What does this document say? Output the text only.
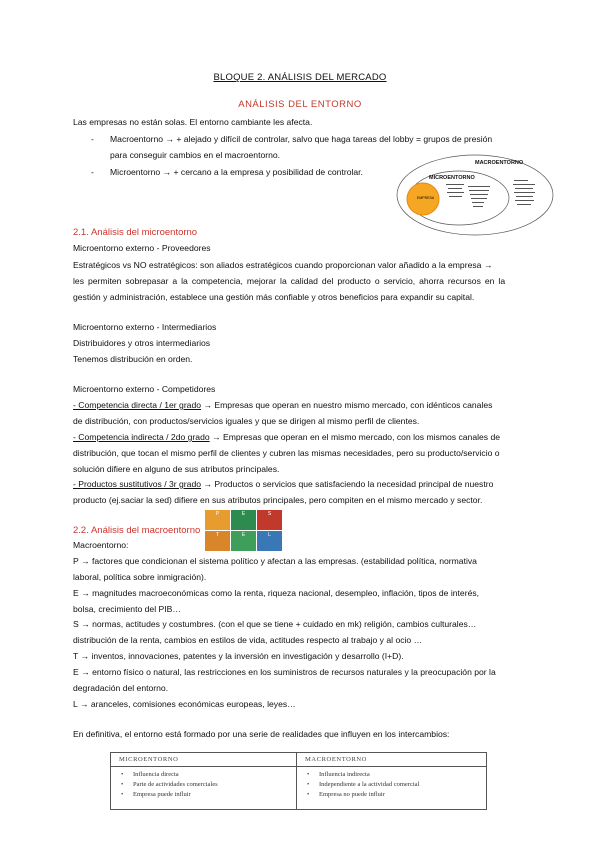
BLOQUE 2. ANÁLISIS DEL MERCADO
ANÁLISIS DEL ENTORNO
Las empresas no están solas. El entorno cambiante les afecta.
- Macroentorno → + alejado y difícil de controlar, salvo que haga tareas del lobby = grupos de presión
para conseguir cambios en el macroentorno.
- Microentorno → + cercano a la empresa y posibilidad de controlar.
EMPRESA
MACROENTORNO
MICROENTORNO
2.1. Análisis del microentorno
Microentorno externo - Proveedores
Estratégicos vs NO estratégicos: son aliados estratégicos cuando proporcionan valor añadido a la empresa →
les permiten sobrepasar a la competencia, mejorar la calidad del producto o servicio, ahorra recursos en la
gestión y administración, establece una gestión más confiable y otros beneficios para expandir su capital.
Microentorno externo - Intermediarios
Distribuidores y otros intermediarios
Tenemos distribución en orden.
Microentorno externo - Competidores
- Competencia directa / 1er grado → Empresas que operan en nuestro mismo mercado, con idénticos canales
de distribución, con productos/servicios iguales y que se dirigen al mismo perfil de clientes.
- Competencia indirecta / 2do grado → Empresas que operan en el mismo mercado, con los mismos canales de
distribución, que tocan el mismo perfil de clientes y cubren las mismas necesidades, pero su producto/servicio o
solución difiere en alguno de sus atributos principales.
- Productos sustitutivos / 3r grado → Productos o servicios que satisfaciendo la necesidad principal de nuestro
producto (ej.saciar la sed) difiere en sus atributos principales, pero compiten en el mismo mercado y sector.
2.2. Análisis del macroentorno
P	E	S
T	E	L
Macroentorno:
P → factores que condicionan el sistema político y afectan a las empresas. (estabilidad política, normativa
laboral, política sobre inmigración).
E → magnitudes macroeconómicas como la renta, riqueza nacional, desempleo, inflación, tipos de interés,
bolsa, crecimiento del PIB…
S → normas, actitudes y costumbres. (con el que se tiene + cuidado en mk) religión, cambios culturales…
distribución de la renta, cambios en estilos de vida, actitudes respecto al trabajo y al ocio …
T → inventos, innovaciones, patentes y la inversión en investigación y desarrollo (I+D).
E → entorno físico o natural, las restricciones en los suministros de recursos naturales y la preocupación por la
degradación del entorno.
L → aranceles, comisiones económicas europeas, leyes…
En definitiva, el entorno está formado por una serie de realidades que influyen en los intercambios:
MICROENTORNO
• Influencia directa
• Parte de actividades comerciales
• Empresa puede influir
MACROENTORNO
• Influencia indirecta
• Independiente a la actividad comercial
• Empresa no puede influir
